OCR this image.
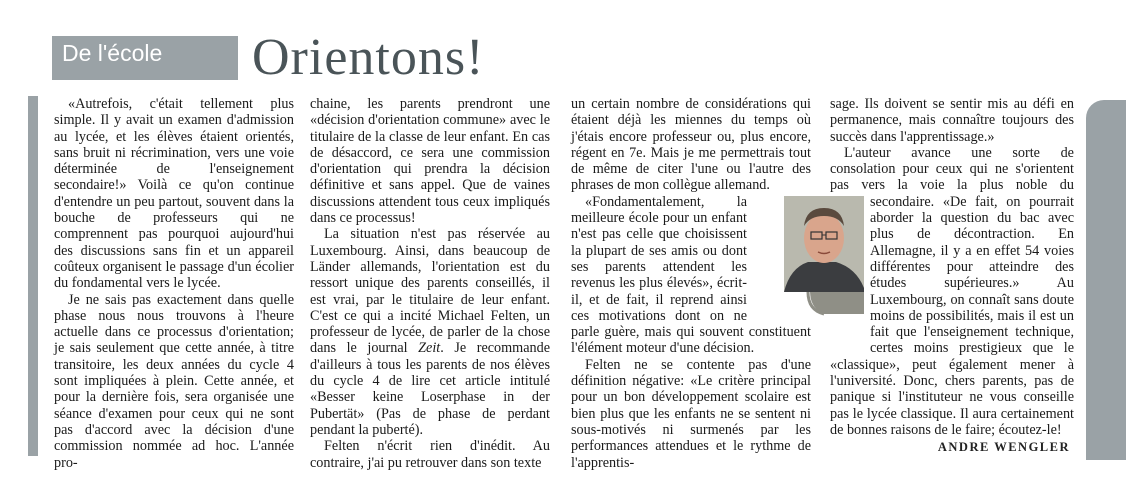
De l'école	Orientons!

«Autrefois, c'était tellement plus simple. Il y avait un examen d'admission au lycée, et les élèves étaient orientés, sans bruit ni récrimination, vers une voie déterminée de l'enseignement secondaire!» Voilà ce qu'on continue d'entendre un peu partout, souvent dans la bouche de professeurs qui ne comprennent pas pourquoi aujourd'hui des discussions sans fin et un appareil coûteux organisent le passage d'un écolier du fondamental vers le lycée.

Je ne sais pas exactement dans quelle phase nous nous trouvons à l'heure actuelle dans ce processus d'orientation; je sais seulement que cette année, à titre transitoire, les deux années du cycle 4 sont impliquées à plein. Cette année, et pour la dernière fois, sera organisée une séance d'examen pour ceux qui ne sont pas d'accord avec la décision d'une commission nommée ad hoc. L'année pro-

chaine, les parents prendront une «décision d'orientation commune» avec le titulaire de la classe de leur enfant. En cas de désaccord, ce sera une commission d'orientation qui prendra la décision définitive et sans appel. Que de vaines discussions attendent tous ceux impliqués dans ce processus!

La situation n'est pas réservée au Luxembourg. Ainsi, dans beaucoup de Länder allemands, l'orientation est du ressort unique des parents conseillés, il est vrai, par le titulaire de leur enfant. C'est ce qui a incité Michael Felten, un professeur de lycée, de parler de la chose dans le journal Zeit. Je recommande d'ailleurs à tous les parents de nos élèves du cycle 4 de lire cet article intitulé «Besser keine Loserphase in der Pubertät» (Pas de phase de perdant pendant la puberté).

Felten n'écrit rien d'inédit. Au contraire, j'ai pu retrouver dans son texte

un certain nombre de considérations qui étaient déjà les miennes du temps où j'étais encore professeur ou, plus encore, régent en 7e. Mais je me permettrais tout de même de citer l'une ou l'autre des phrases de mon collègue allemand.

«Fondamentalement, la meilleure école pour un enfant n'est pas celle que choisissent la plupart de ses amis ou dont ses parents attendent les revenus les plus élevés», écrit-il, et de fait, il reprend ainsi ces motivations dont on ne parle guère, mais qui souvent constituent l'élément moteur d'une décision.

Felten ne se contente pas d'une définition négative: «Le critère principal pour un bon développement scolaire est bien plus que les enfants ne se sentent ni sous-motivés ni surmenés par les performances attendues et le rythme de l'apprentis-

sage. Ils doivent se sentir mis au défi en permanence, mais connaître toujours des succès dans l'apprentissage.»

L'auteur avance une sorte de consolation pour ceux qui ne s'orientent pas vers la voie la plus noble du secondaire. «De fait, on pourrait aborder la question du bac avec plus de décontraction. En Allemagne, il y a en effet 54 voies différentes pour atteindre des études supérieures.» Au Luxembourg, on connaît sans doute moins de possibilités, mais il est un fait que l'enseignement technique, certes moins prestigieux que le «classique», peut également mener à l'université. Donc, chers parents, pas de panique si l'instituteur ne vous conseille pas le lycée classique. Il aura certainement de bonnes raisons de le faire; écoutez-le!

ANDRE WENGLER
